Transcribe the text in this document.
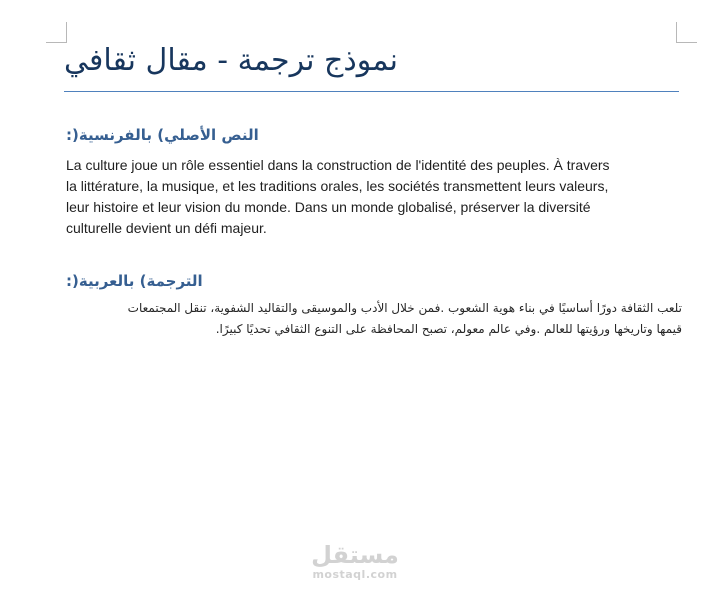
نموذج ترجمة - مقال ثقافي
النص الأصلي) بالفرنسية(:
La culture joue un rôle essentiel dans la construction de l'identité des peuples. À travers
la littérature, la musique, et les traditions orales, les sociétés transmettent leurs valeurs,
leur histoire et leur vision du monde. Dans un monde globalisé, préserver la diversité
culturelle devient un défi majeur.
الترجمة) بالعربية(:
تلعب الثقافة دورًا أساسيًا في بناء هوية الشعوب .فمن خلال الأدب والموسيقى والتقاليد الشفوية، تنقل المجتمعات
قيمها وتاريخها ورؤيتها للعالم .وفي عالم معولم، تصبح المحافظة على التنوع الثقافي تحديًا كبيرًا.
مستقل
mostaql.com
